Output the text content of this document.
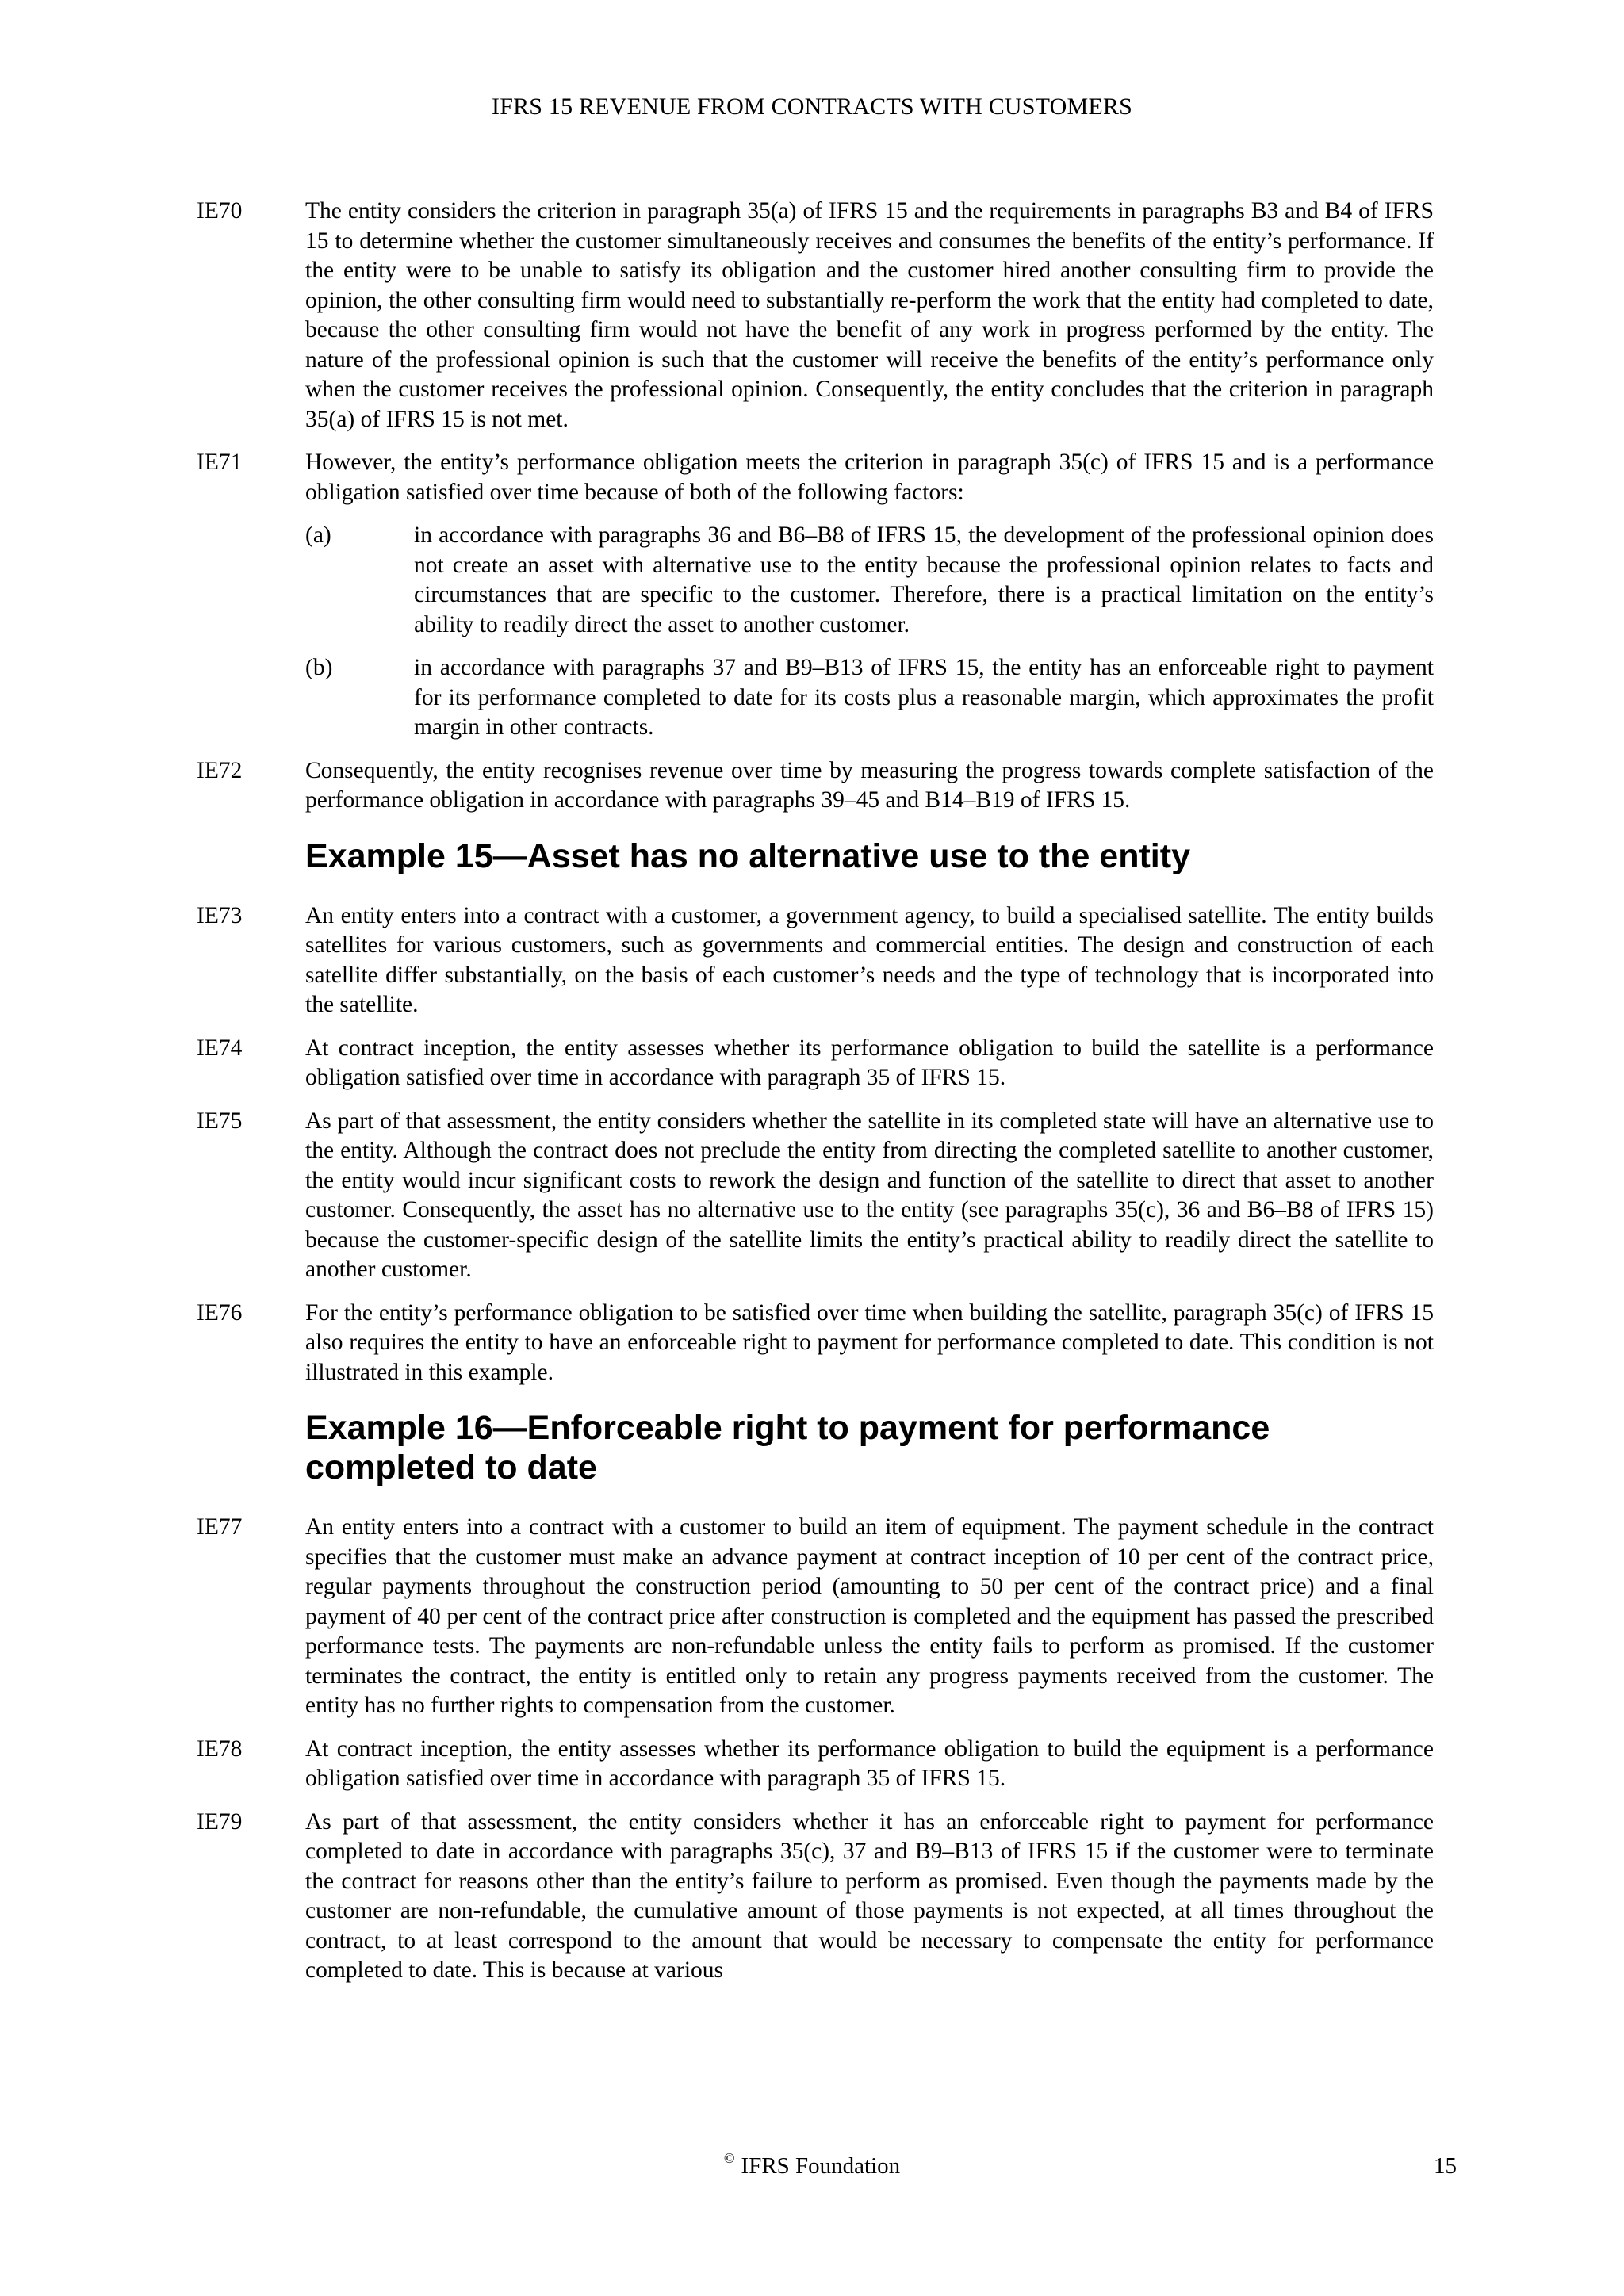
IFRS 15 REVENUE FROM CONTRACTS WITH CUSTOMERS
IE70	The entity considers the criterion in paragraph 35(a) of IFRS 15 and the requirements in paragraphs B3 and B4 of IFRS 15 to determine whether the customer simultaneously receives and consumes the benefits of the entity’s performance. If the entity were to be unable to satisfy its obligation and the customer hired another consulting firm to provide the opinion, the other consulting firm would need to substantially re-perform the work that the entity had completed to date, because the other consulting firm would not have the benefit of any work in progress performed by the entity. The nature of the professional opinion is such that the customer will receive the benefits of the entity’s performance only when the customer receives the professional opinion. Consequently, the entity concludes that the criterion in paragraph 35(a) of IFRS 15 is not met.
IE71	However, the entity’s performance obligation meets the criterion in paragraph 35(c) of IFRS 15 and is a performance obligation satisfied over time because of both of the following factors:
(a)	in accordance with paragraphs 36 and B6–B8 of IFRS 15, the development of the professional opinion does not create an asset with alternative use to the entity because the professional opinion relates to facts and circumstances that are specific to the customer. Therefore, there is a practical limitation on the entity’s ability to readily direct the asset to another customer.
(b)	in accordance with paragraphs 37 and B9–B13 of IFRS 15, the entity has an enforceable right to payment for its performance completed to date for its costs plus a reasonable margin, which approximates the profit margin in other contracts.
IE72	Consequently, the entity recognises revenue over time by measuring the progress towards complete satisfaction of the performance obligation in accordance with paragraphs 39–45 and B14–B19 of IFRS 15.
Example 15—Asset has no alternative use to the entity
IE73	An entity enters into a contract with a customer, a government agency, to build a specialised satellite. The entity builds satellites for various customers, such as governments and commercial entities. The design and construction of each satellite differ substantially, on the basis of each customer’s needs and the type of technology that is incorporated into the satellite.
IE74	At contract inception, the entity assesses whether its performance obligation to build the satellite is a performance obligation satisfied over time in accordance with paragraph 35 of IFRS 15.
IE75	As part of that assessment, the entity considers whether the satellite in its completed state will have an alternative use to the entity. Although the contract does not preclude the entity from directing the completed satellite to another customer, the entity would incur significant costs to rework the design and function of the satellite to direct that asset to another customer. Consequently, the asset has no alternative use to the entity (see paragraphs 35(c), 36 and B6–B8 of IFRS 15) because the customer-specific design of the satellite limits the entity’s practical ability to readily direct the satellite to another customer.
IE76	For the entity’s performance obligation to be satisfied over time when building the satellite, paragraph 35(c) of IFRS 15 also requires the entity to have an enforceable right to payment for performance completed to date. This condition is not illustrated in this example.
Example 16—Enforceable right to payment for performance completed to date
IE77	An entity enters into a contract with a customer to build an item of equipment. The payment schedule in the contract specifies that the customer must make an advance payment at contract inception of 10 per cent of the contract price, regular payments throughout the construction period (amounting to 50 per cent of the contract price) and a final payment of 40 per cent of the contract price after construction is completed and the equipment has passed the prescribed performance tests. The payments are non-refundable unless the entity fails to perform as promised. If the customer terminates the contract, the entity is entitled only to retain any progress payments received from the customer. The entity has no further rights to compensation from the customer.
IE78	At contract inception, the entity assesses whether its performance obligation to build the equipment is a performance obligation satisfied over time in accordance with paragraph 35 of IFRS 15.
IE79	As part of that assessment, the entity considers whether it has an enforceable right to payment for performance completed to date in accordance with paragraphs 35(c), 37 and B9–B13 of IFRS 15 if the customer were to terminate the contract for reasons other than the entity’s failure to perform as promised. Even though the payments made by the customer are non-refundable, the cumulative amount of those payments is not expected, at all times throughout the contract, to at least correspond to the amount that would be necessary to compensate the entity for performance completed to date. This is because at various
© IFRS Foundation	15
